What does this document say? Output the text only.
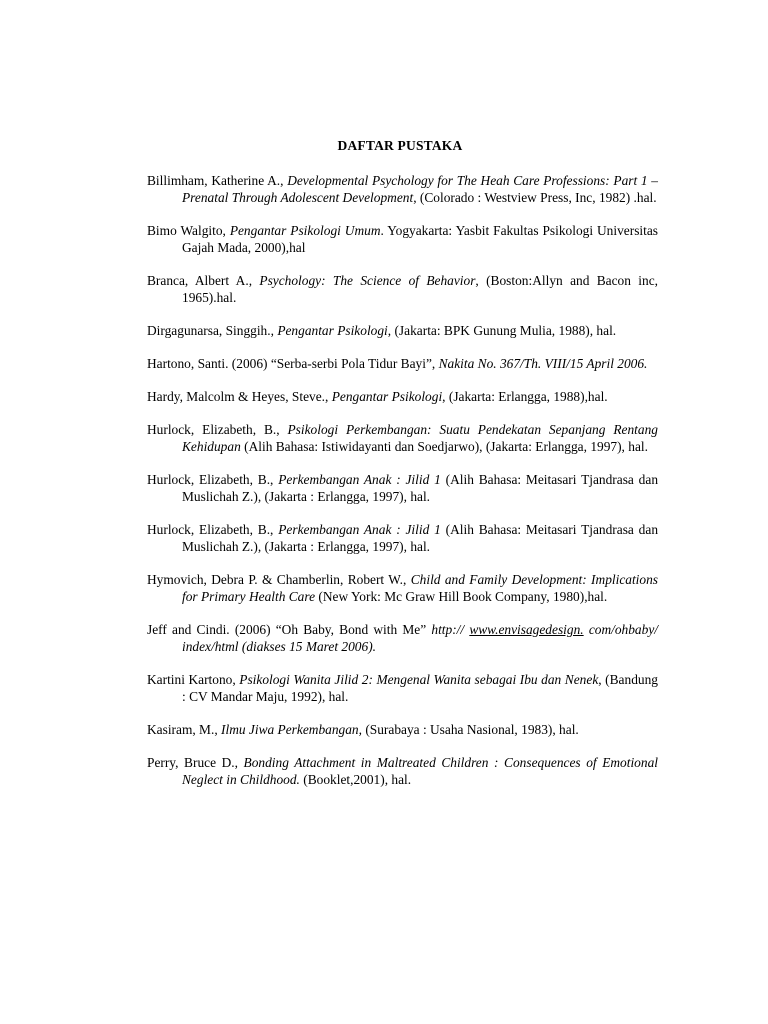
DAFTAR PUSTAKA
Billimham, Katherine A., Developmental Psychology for The Heah Care Professions: Part 1 – Prenatal Through Adolescent Development, (Colorado : Westview Press, Inc, 1982) .hal.
Bimo Walgito, Pengantar Psikologi Umum. Yogyakarta: Yasbit Fakultas Psikologi Universitas Gajah Mada, 2000),hal
Branca, Albert A., Psychology: The Science of Behavior, (Boston:Allyn and Bacon inc, 1965).hal.
Dirgagunarsa, Singgih., Pengantar Psikologi, (Jakarta: BPK Gunung Mulia, 1988), hal.
Hartono, Santi. (2006) “Serba-serbi Pola Tidur Bayi”, Nakita No. 367/Th. VIII/15 April 2006.
Hardy, Malcolm & Heyes, Steve., Pengantar Psikologi, (Jakarta: Erlangga, 1988),hal.
Hurlock, Elizabeth, B., Psikologi Perkembangan: Suatu Pendekatan Sepanjang Rentang Kehidupan (Alih Bahasa: Istiwidayanti dan Soedjarwo), (Jakarta: Erlangga, 1997), hal.
Hurlock, Elizabeth, B., Perkembangan Anak : Jilid 1 (Alih Bahasa: Meitasari Tjandrasa dan Muslichah Z.), (Jakarta : Erlangga, 1997), hal.
Hurlock, Elizabeth, B., Perkembangan Anak : Jilid 1 (Alih Bahasa: Meitasari Tjandrasa dan Muslichah Z.), (Jakarta : Erlangga, 1997), hal.
Hymovich, Debra P. & Chamberlin, Robert W., Child and Family Development: Implications for Primary Health Care (New York: Mc Graw Hill Book Company, 1980),hal.
Jeff and Cindi. (2006) “Oh Baby, Bond with Me” http:// www.envisagedesign. com/ohbaby/ index/html (diakses 15 Maret 2006).
Kartini Kartono, Psikologi Wanita Jilid 2: Mengenal Wanita sebagai Ibu dan Nenek, (Bandung : CV Mandar Maju, 1992), hal.
Kasiram, M., Ilmu Jiwa Perkembangan, (Surabaya : Usaha Nasional, 1983), hal.
Perry, Bruce D., Bonding Attachment in Maltreated Children : Consequences of Emotional Neglect in Childhood. (Booklet,2001), hal.
